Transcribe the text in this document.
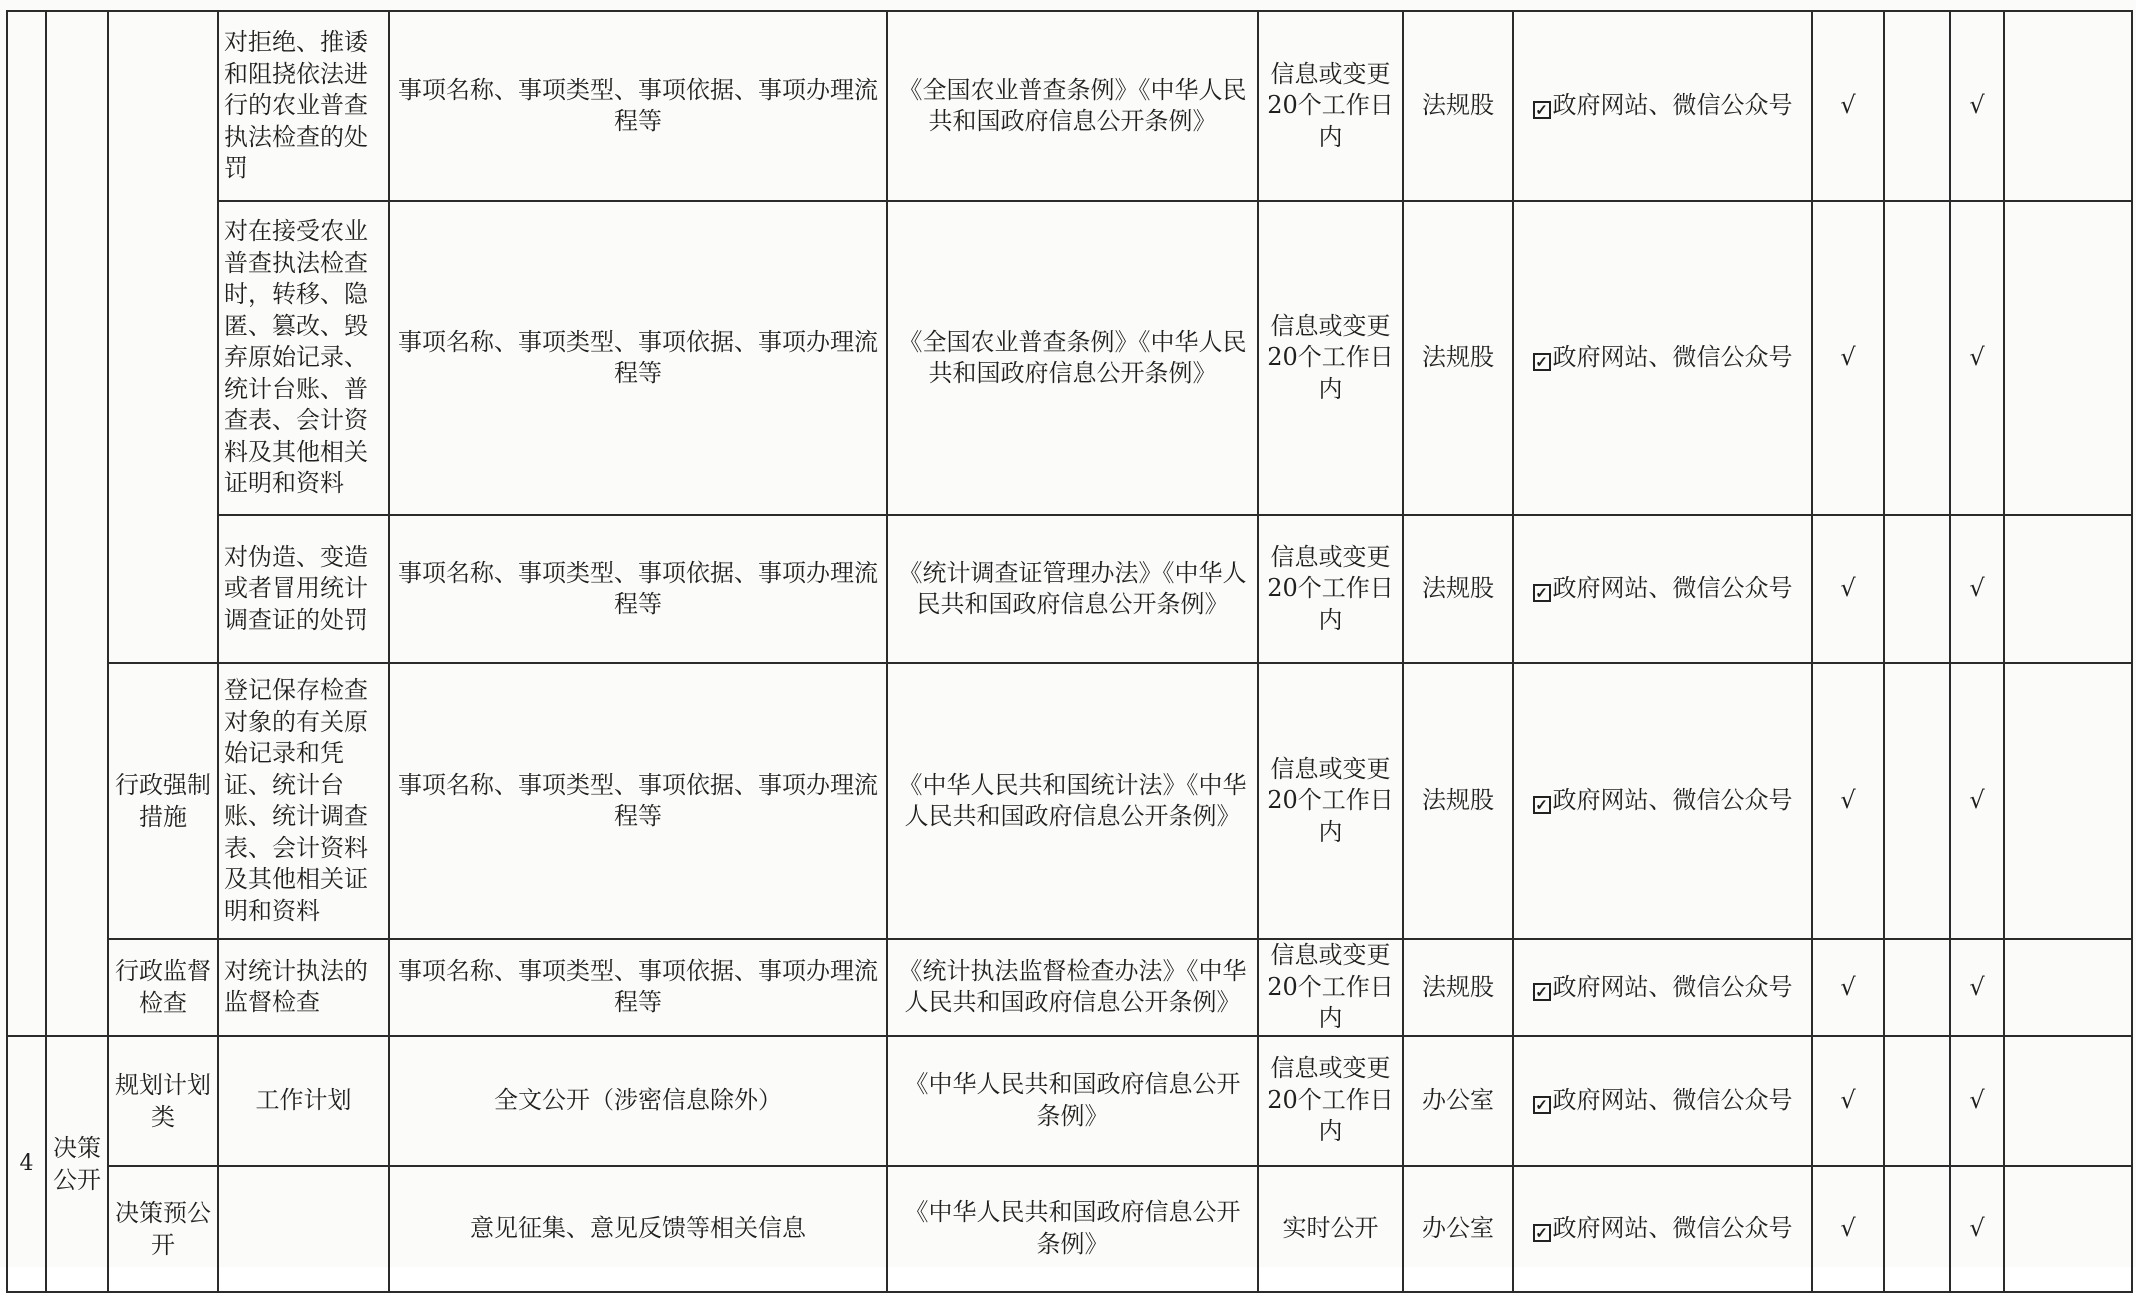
			对拒绝、推诿和阻挠依法进行的农业普查执法检查的处罚	事项名称、事项类型、事项依据、事项办理流程等	《全国农业普查条例》《中华人民共和国政府信息公开条例》	信息或变更20个工作日内	法规股	✓ 政府网站、微信公众号	√		√	
			对在接受农业普查执法检查时，转移、隐匿、篡改、毁弃原始记录、统计台账、普查表、会计资料及其他相关证明和资料	事项名称、事项类型、事项依据、事项办理流程等	《全国农业普查条例》《中华人民共和国政府信息公开条例》	信息或变更20个工作日内	法规股	✓ 政府网站、微信公众号	√		√	
			对伪造、变造或者冒用统计调查证的处罚	事项名称、事项类型、事项依据、事项办理流程等	《统计调查证管理办法》《中华人民共和国政府信息公开条例》	信息或变更20个工作日内	法规股	✓ 政府网站、微信公众号	√		√	
		行政强制措施	登记保存检查对象的有关原始记录和凭证、统计台账、统计调查表、会计资料及其他相关证明和资料	事项名称、事项类型、事项依据、事项办理流程等	《中华人民共和国统计法》《中华人民共和国政府信息公开条例》	信息或变更20个工作日内	法规股	✓ 政府网站、微信公众号	√		√	
		行政监督检查	对统计执法的监督检查	事项名称、事项类型、事项依据、事项办理流程等	《统计执法监督检查办法》《中华人民共和国政府信息公开条例》	信息或变更20个工作日内	法规股	✓ 政府网站、微信公众号	√		√	
4	决策公开	规划计划类	工作计划	全文公开（涉密信息除外）	《中华人民共和国政府信息公开条例》	信息或变更20个工作日内	办公室	✓ 政府网站、微信公众号	√		√	
		决策预公开		意见征集、意见反馈等相关信息	《中华人民共和国政府信息公开条例》	实时公开	办公室	✓ 政府网站、微信公众号	√		√	
